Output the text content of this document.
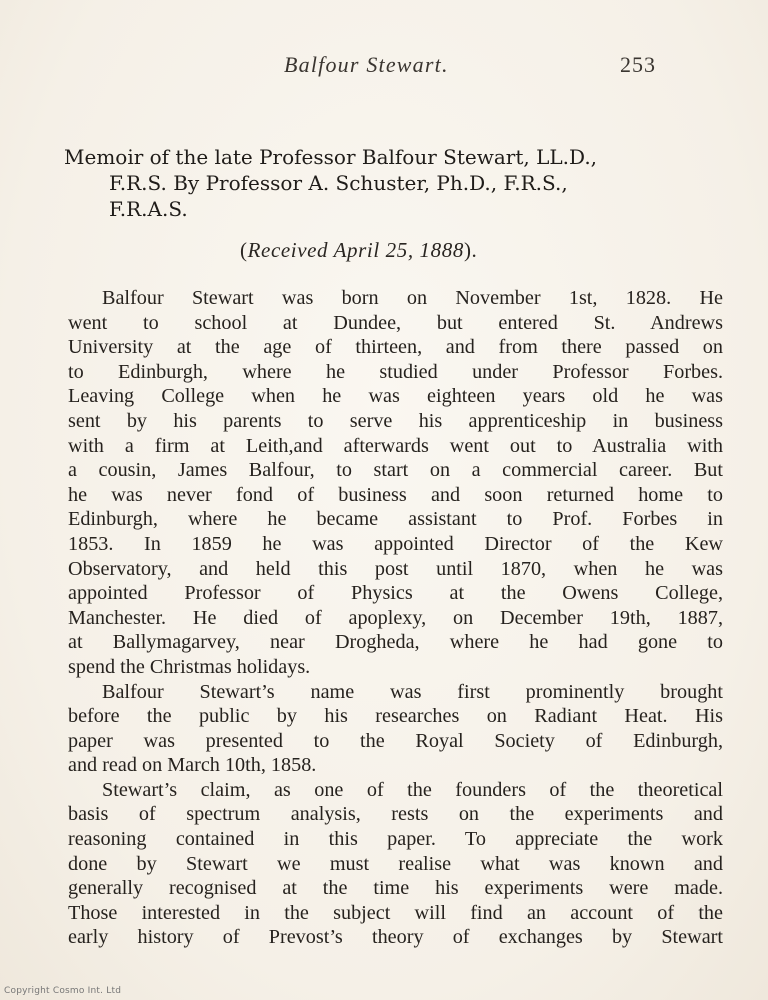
Balfour Stewart.	253
Memoir of the late Professor Balfour Stewart, LL.D.,
F.R.S. By Professor A. Schuster, Ph.D., F.R.S.,
F.R.A.S.
(Received April 25, 1888).
Balfour Stewart was born on November 1st, 1828. He
went to school at Dundee, but entered St. Andrews
University at the age of thirteen, and from there passed on
to Edinburgh, where he studied under Professor Forbes.
Leaving College when he was eighteen years old he was
sent by his parents to serve his apprenticeship in business
with a firm at Leith,and afterwards went out to Australia with
a cousin, James Balfour, to start on a commercial career. But
he was never fond of business and soon returned home to
Edinburgh, where he became assistant to Prof. Forbes in
1853. In 1859 he was appointed Director of the Kew
Observatory, and held this post until 1870, when he was
appointed Professor of Physics at the Owens College,
Manchester. He died of apoplexy, on December 19th, 1887,
at Ballymagarvey, near Drogheda, where he had gone to
spend the Christmas holidays.
Balfour Stewart’s name was first prominently brought
before the public by his researches on Radiant Heat. His
paper was presented to the Royal Society of Edinburgh,
and read on March 10th, 1858.
Stewart’s claim, as one of the founders of the theoretical
basis of spectrum analysis, rests on the experiments and
reasoning contained in this paper. To appreciate the work
done by Stewart we must realise what was known and
generally recognised at the time his experiments were made.
Those interested in the subject will find an account of the
early history of Prevost’s theory of exchanges by Stewart
Copyright Cosmo Int. Ltd
